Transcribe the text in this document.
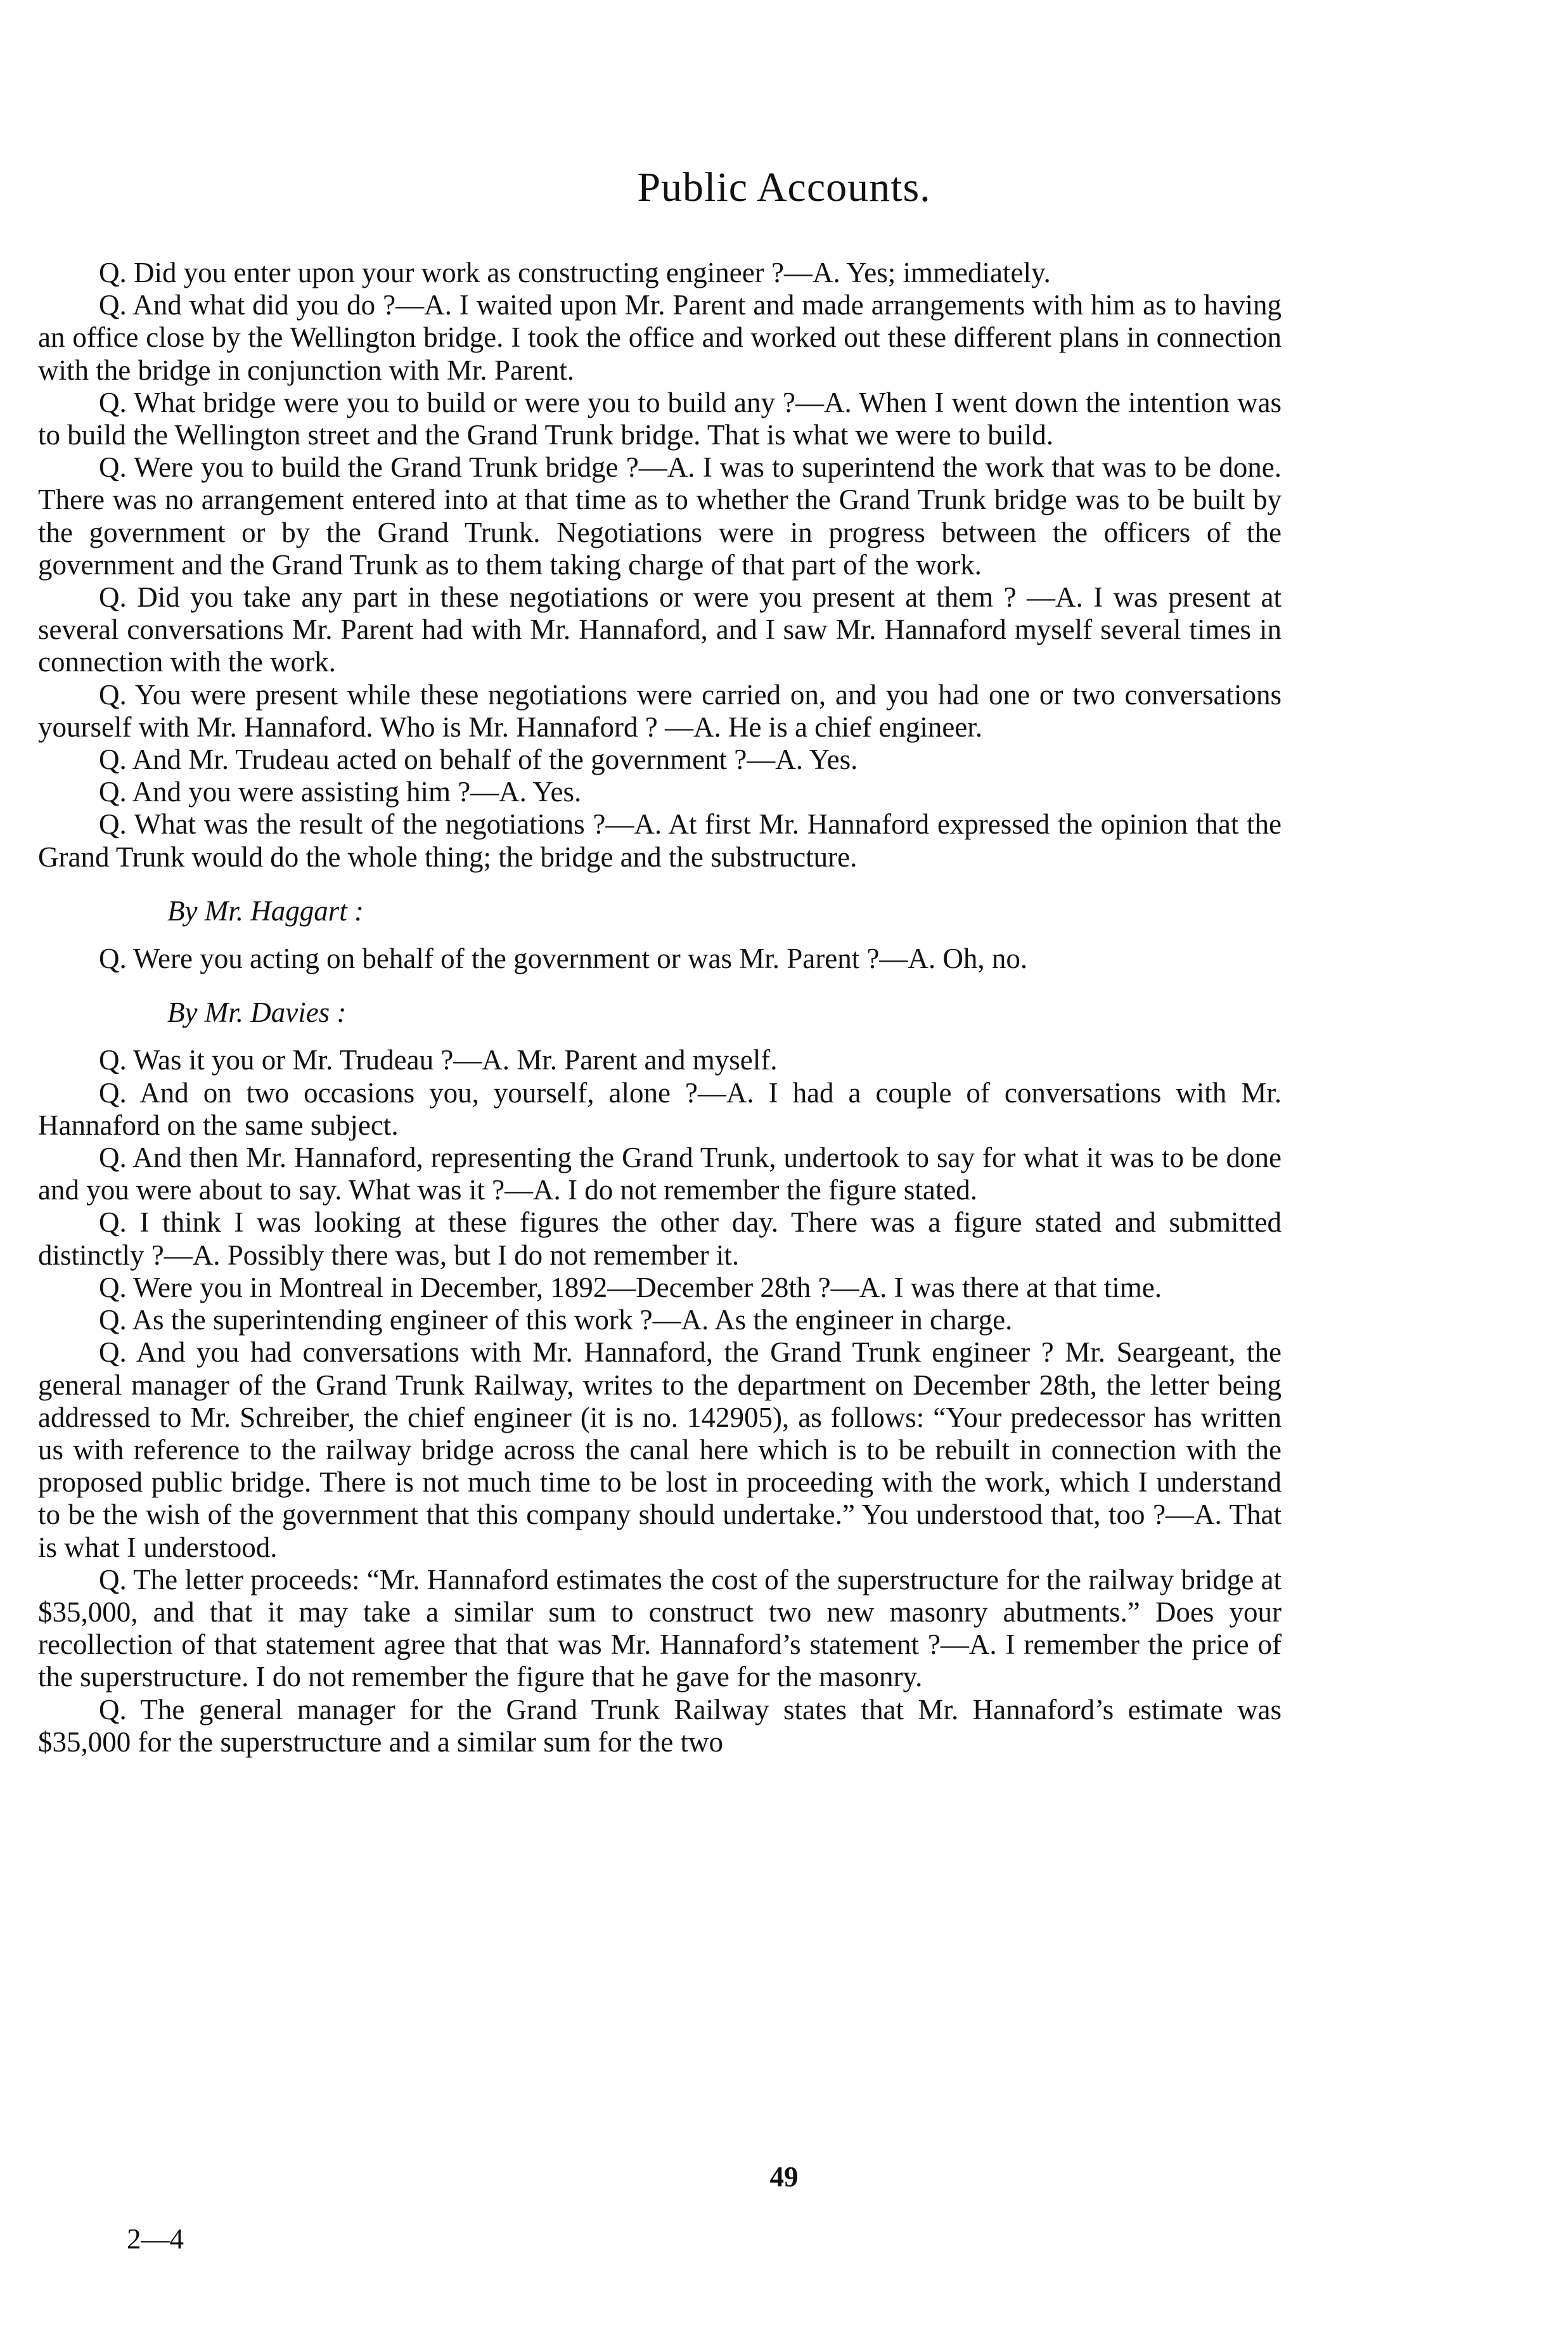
Public Accounts.

Q. Did you enter upon your work as constructing engineer ?—A. Yes; immediately.

Q. And what did you do ?—A. I waited upon Mr. Parent and made arrangements with him as to having an office close by the Wellington bridge. I took the office and worked out these different plans in connection with the bridge in conjunction with Mr. Parent.

Q. What bridge were you to build or were you to build any ?—A. When I went down the intention was to build the Wellington street and the Grand Trunk bridge. That is what we were to build.

Q. Were you to build the Grand Trunk bridge ?—A. I was to superintend the work that was to be done. There was no arrangement entered into at that time as to whether the Grand Trunk bridge was to be built by the government or by the Grand Trunk. Negotiations were in progress between the officers of the government and the Grand Trunk as to them taking charge of that part of the work.

Q. Did you take any part in these negotiations or were you present at them ? —A. I was present at several conversations Mr. Parent had with Mr. Hannaford, and I saw Mr. Hannaford myself several times in connection with the work.

Q. You were present while these negotiations were carried on, and you had one or two conversations yourself with Mr. Hannaford. Who is Mr. Hannaford ? —A. He is a chief engineer.

Q. And Mr. Trudeau acted on behalf of the government ?—A. Yes.

Q. And you were assisting him ?—A. Yes.

Q. What was the result of the negotiations ?—A. At first Mr. Hannaford expressed the opinion that the Grand Trunk would do the whole thing; the bridge and the substructure.

By Mr. Haggart :

Q. Were you acting on behalf of the government or was Mr. Parent ?—A. Oh, no.

By Mr. Davies :

Q. Was it you or Mr. Trudeau ?—A. Mr. Parent and myself.

Q. And on two occasions you, yourself, alone ?—A. I had a couple of conversations with Mr. Hannaford on the same subject.

Q. And then Mr. Hannaford, representing the Grand Trunk, undertook to say for what it was to be done and you were about to say. What was it ?—A. I do not remember the figure stated.

Q. I think I was looking at these figures the other day. There was a figure stated and submitted distinctly ?—A. Possibly there was, but I do not remember it.

Q. Were you in Montreal in December, 1892—December 28th ?—A. I was there at that time.

Q. As the superintending engineer of this work ?—A. As the engineer in charge.

Q. And you had conversations with Mr. Hannaford, the Grand Trunk engineer ? Mr. Seargeant, the general manager of the Grand Trunk Railway, writes to the department on December 28th, the letter being addressed to Mr. Schreiber, the chief engineer (it is no. 142905), as follows: “Your predecessor has written us with reference to the railway bridge across the canal here which is to be rebuilt in connection with the proposed public bridge. There is not much time to be lost in proceeding with the work, which I understand to be the wish of the government that this company should undertake.” You understood that, too ?—A. That is what I understood.

Q. The letter proceeds: “Mr. Hannaford estimates the cost of the superstructure for the railway bridge at $35,000, and that it may take a similar sum to construct two new masonry abutments.” Does your recollection of that statement agree that that was Mr. Hannaford’s statement ?—A. I remember the price of the superstructure. I do not remember the figure that he gave for the masonry.

Q. The general manager for the Grand Trunk Railway states that Mr. Hannaford’s estimate was $35,000 for the superstructure and a similar sum for the two

49
2—4
